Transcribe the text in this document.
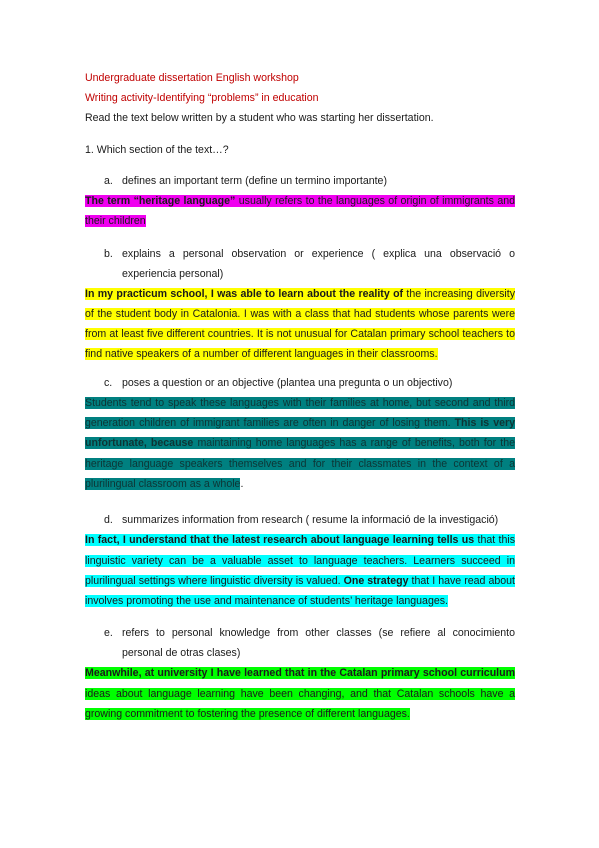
Undergraduate dissertation English workshop

Writing activity-Identifying “problems” in education

Read the text below written by a student who was starting her dissertation.

1. Which section of the text…?

a. defines an important term (define un termino importante)

The term “heritage language” usually refers to the languages of origin of immigrants and their children

b. explains a personal observation or experience ( explica una observació o experiencia personal)

In my practicum school, I was able to learn about the reality of the increasing diversity of the student body in Catalonia. I was with a class that had students whose parents were from at least five different countries. It is not unusual for Catalan primary school teachers to find native speakers of a number of different languages in their classrooms.

c. poses a question or an objective (plantea una pregunta o un objectivo)

Students tend to speak these languages with their families at home, but second and third generation children of immigrant families are often in danger of losing them. This is very unfortunate, because maintaining home languages has a range of benefits, both for the heritage language speakers themselves and for their classmates in the context of a plurilingual classroom as a whole.

d. summarizes information from research ( resume la informació de la investigació)

In fact, I understand that the latest research about language learning tells us that this linguistic variety can be a valuable asset to language teachers. Learners succeed in plurilingual settings where linguistic diversity is valued. One strategy that I have read about involves promoting the use and maintenance of students’ heritage languages.

e. refers to personal knowledge from other classes (se refiere al conocimiento personal de otras clases)

Meanwhile, at university I have learned that in the Catalan primary school curriculum ideas about language learning have been changing, and that Catalan schools have a growing commitment to fostering the presence of different languages.
